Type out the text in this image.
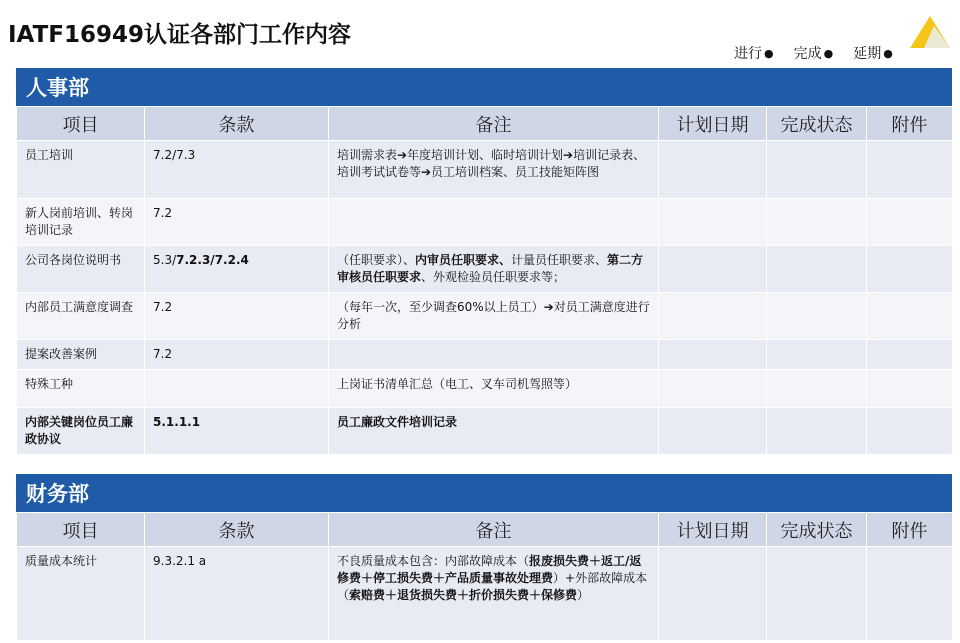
IATF16949认证各部门工作内容
进行 ● 完成 ● 延期 ●
人事部
项目	条款	备注	计划日期	完成状态	附件
员工培训	7.2/7.3	培训需求表➔年度培训计划、临时培训计划➔培训记录表、培训考试试卷等➔员工培训档案、员工技能矩阵图			
新人岗前培训、转岗培训记录	7.2				
公司各岗位说明书	5.3/7.2.3/7.2.4	（任职要求）、内审员任职要求、计量员任职要求、第二方审核员任职要求、外观检验员任职要求等；			
内部员工满意度调查	7.2	（每年一次，至少调查60%以上员工）➔对员工满意度进行分析			
提案改善案例	7.2				
特殊工种		上岗证书清单汇总（电工、叉车司机驾照等）			
内部关键岗位员工廉政协议	5.1.1.1	员工廉政文件培训记录			
财务部
项目	条款	备注	计划日期	完成状态	附件
质量成本统计	9.3.2.1 a	不良质量成本包含：内部故障成本（报废损失费＋返工/返修费＋停工损失费＋产品质量事故处理费）+外部故障成本（索赔费＋退货损失费＋折价损失费＋保修费）			
